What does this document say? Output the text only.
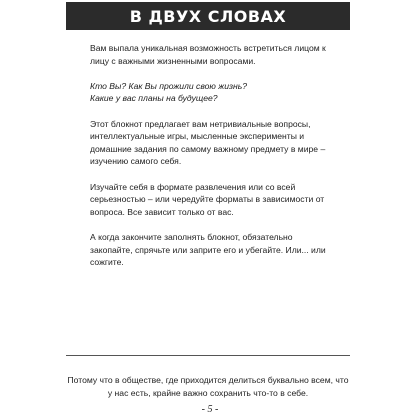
В ДВУХ СЛОВАХ

Вам выпала уникальная возможность встретиться лицом к лицу с важными жизненными вопросами.

Кто Вы? Как Вы прожили свою жизнь?
Какие у вас планы на будущее?

Этот блокнот предлагает вам нетривиальные вопросы, интеллектуальные игры, мысленные эксперименты и домашние задания по самому важному предмету в мире – изучению самого себя.

Изучайте себя в формате развлечения или со всей серьезностью – или чередуйте форматы в зависимости от вопроса. Все зависит только от вас.

А когда закончите заполнять блокнот, обязательно закопайте, спрячьте или заприте его и убегайте. Или... или сожгите.

Потому что в обществе, где приходится делиться буквально всем, что у нас есть, крайне важно сохранить что-то в себе.
- 5 -
